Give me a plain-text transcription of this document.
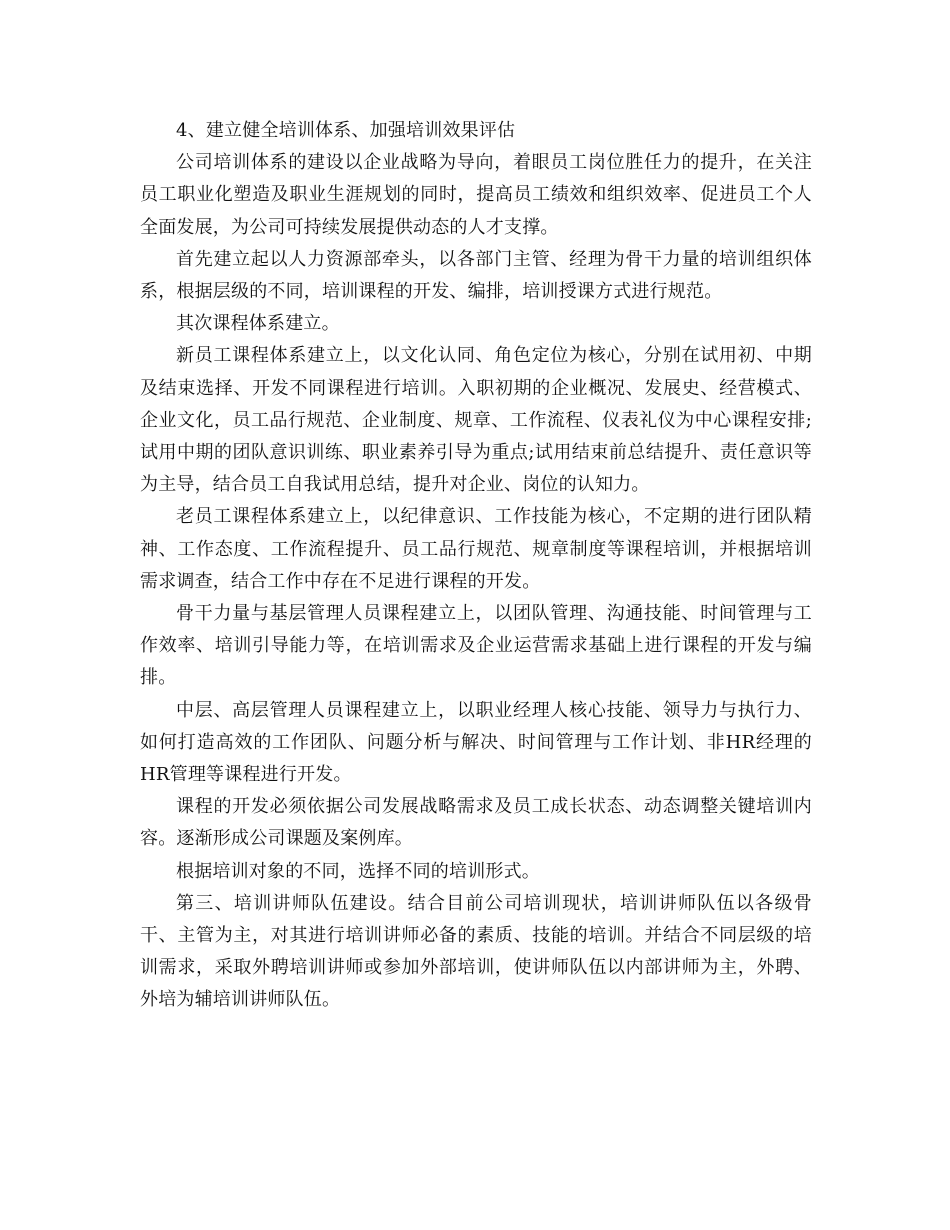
4、建立健全培训体系、加强培训效果评估

公司培训体系的建设以企业战略为导向，着眼员工岗位胜任力的提升，在关注员工职业化塑造及职业生涯规划的同时，提高员工绩效和组织效率、促进员工个人全面发展，为公司可持续发展提供动态的人才支撑。

首先建立起以人力资源部牵头，以各部门主管、经理为骨干力量的培训组织体系，根据层级的不同，培训课程的开发、编排，培训授课方式进行规范。

其次课程体系建立。

新员工课程体系建立上，以文化认同、角色定位为核心，分别在试用初、中期及结束选择、开发不同课程进行培训。入职初期的企业概况、发展史、经营模式、企业文化，员工品行规范、企业制度、规章、工作流程、仪表礼仪为中心课程安排;试用中期的团队意识训练、职业素养引导为重点;试用结束前总结提升、责任意识等为主导，结合员工自我试用总结，提升对企业、岗位的认知力。

老员工课程体系建立上，以纪律意识、工作技能为核心，不定期的进行团队精神、工作态度、工作流程提升、员工品行规范、规章制度等课程培训，并根据培训需求调查，结合工作中存在不足进行课程的开发。

骨干力量与基层管理人员课程建立上，以团队管理、沟通技能、时间管理与工作效率、培训引导能力等，在培训需求及企业运营需求基础上进行课程的开发与编排。

中层、高层管理人员课程建立上，以职业经理人核心技能、领导力与执行力、如何打造高效的工作团队、问题分析与解决、时间管理与工作计划、非HR经理的HR管理等课程进行开发。

课程的开发必须依据公司发展战略需求及员工成长状态、动态调整关键培训内容。逐渐形成公司课题及案例库。

根据培训对象的不同，选择不同的培训形式。

第三、培训讲师队伍建设。结合目前公司培训现状，培训讲师队伍以各级骨干、主管为主，对其进行培训讲师必备的素质、技能的培训。并结合不同层级的培训需求，采取外聘培训讲师或参加外部培训，使讲师队伍以内部讲师为主，外聘、外培为辅培训讲师队伍。
